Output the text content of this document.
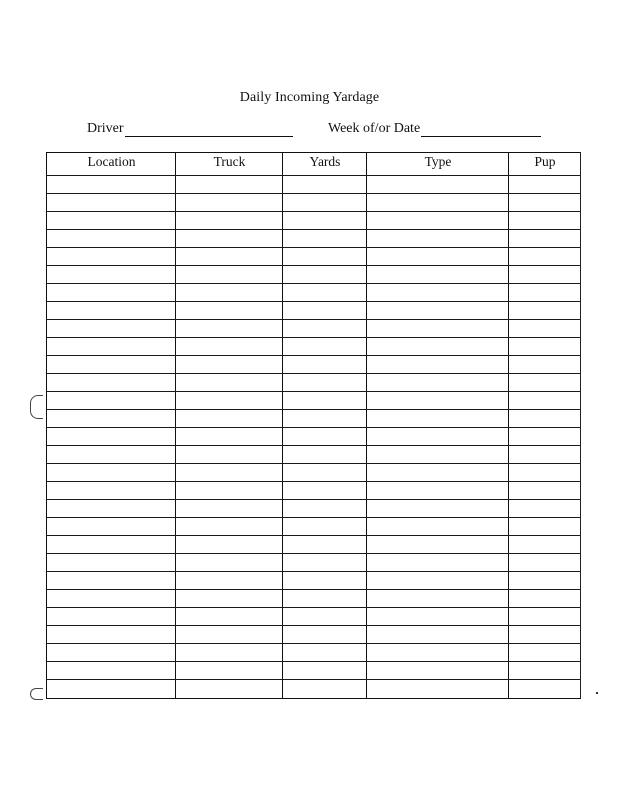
Daily Incoming Yardage
Driver	Week of/or Date
Location	Truck	Yards	Type	Pup
